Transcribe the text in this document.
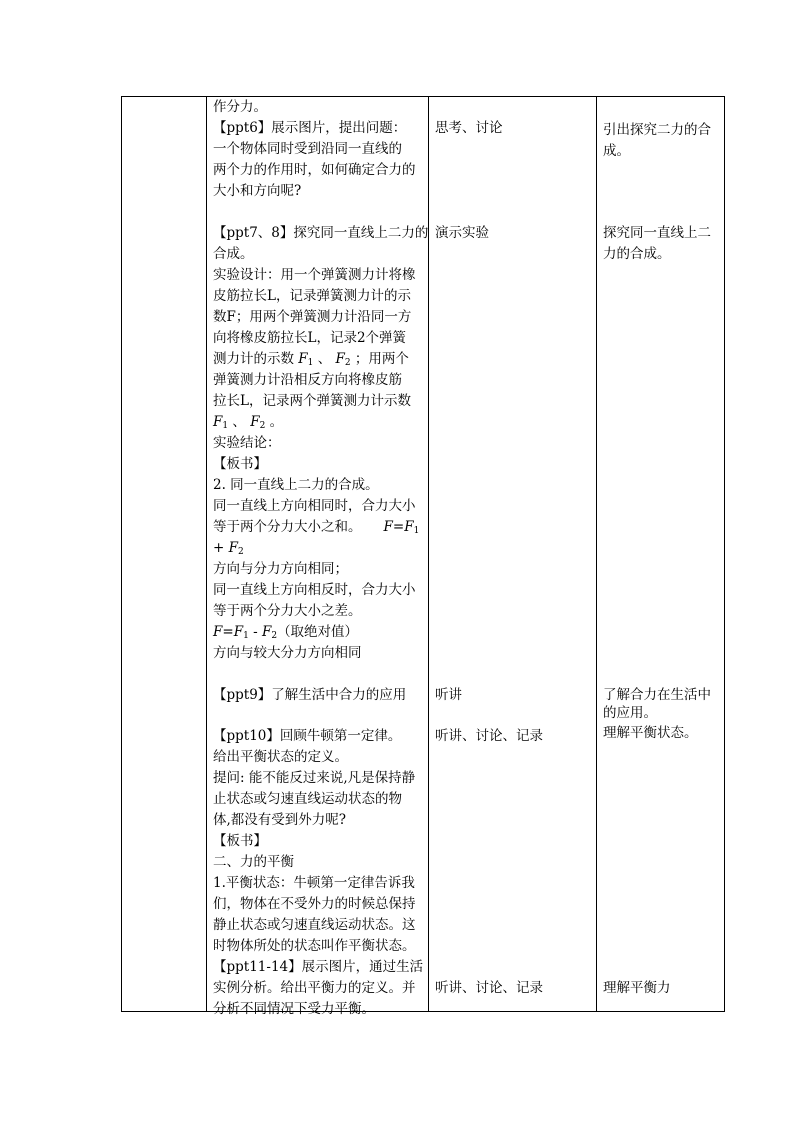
作分力。

【ppt6】展示图片，提出问题：

一个物体同时受到沿同一直线的

两个力的作用时，如何确定合力的

大小和方向呢?

【ppt7、8】探究同一直线上二力的

合成。

实验设计：用一个弹簧测力计将橡

皮筋拉长L，记录弹簧测力计的示

数F；用两个弹簧测力计沿同一方

向将橡皮筋拉长L，记录2个弹簧

测力计的示数 $F_1$ 、 $F_2$ ；用两个

弹簧测力计沿相反方向将橡皮筋

拉长L，记录两个弹簧测力计示数

$F_1$ 、 $F_2$ 。

实验结论：

【板书】

2. 同一直线上二力的合成。

同一直线上方向相同时，合力大小

等于两个分力大小之和。 $F=F_1$

+ $F_2$

方向与分力方向相同；

同一直线上方向相反时，合力大小

等于两个分力大小之差。

$F=F_1 - F_2$（取绝对值）

方向与较大分力方向相同

【ppt9】了解生活中合力的应用

【ppt10】回顾牛顿第一定律。

给出平衡状态的定义。

提问: 能不能反过来说,凡是保持静

止状态或匀速直线运动状态的物

体,都没有受到外力呢?

【板书】

二、力的平衡

1.平衡状态：牛顿第一定律告诉我

们，物体在不受外力的时候总保持

静止状态或匀速直线运动状态。这

时物体所处的状态叫作平衡状态。

【ppt11-14】展示图片，通过生活

实例分析。给出平衡力的定义。并

分析不同情况下受力平衡。

思考、讨论

演示实验

听讲

听讲、讨论、记录

听讲、讨论、记录

引出探究二力的合

成。

探究同一直线上二

力的合成。

了解合力在生活中

的应用。

理解平衡状态。

理解平衡力
